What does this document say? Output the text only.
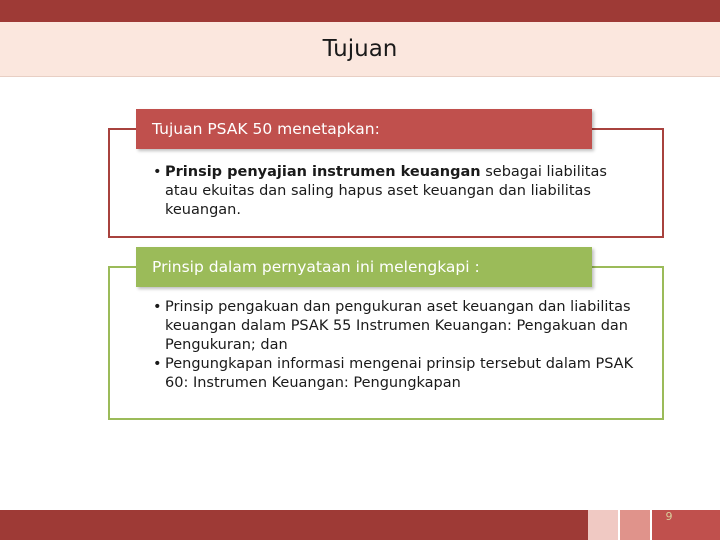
Tujuan
Tujuan PSAK 50 menetapkan:
• Prinsip penyajian instrumen keuangan sebagai liabilitas atau ekuitas dan saling hapus aset keuangan dan liabilitas keuangan.
Prinsip dalam pernyataan ini melengkapi :
• Prinsip pengakuan dan pengukuran aset keuangan dan liabilitas keuangan dalam PSAK 55 Instrumen Keuangan: Pengakuan dan Pengukuran; dan
• Pengungkapan informasi mengenai prinsip tersebut dalam PSAK 60: Instrumen Keuangan: Pengungkapan
9
